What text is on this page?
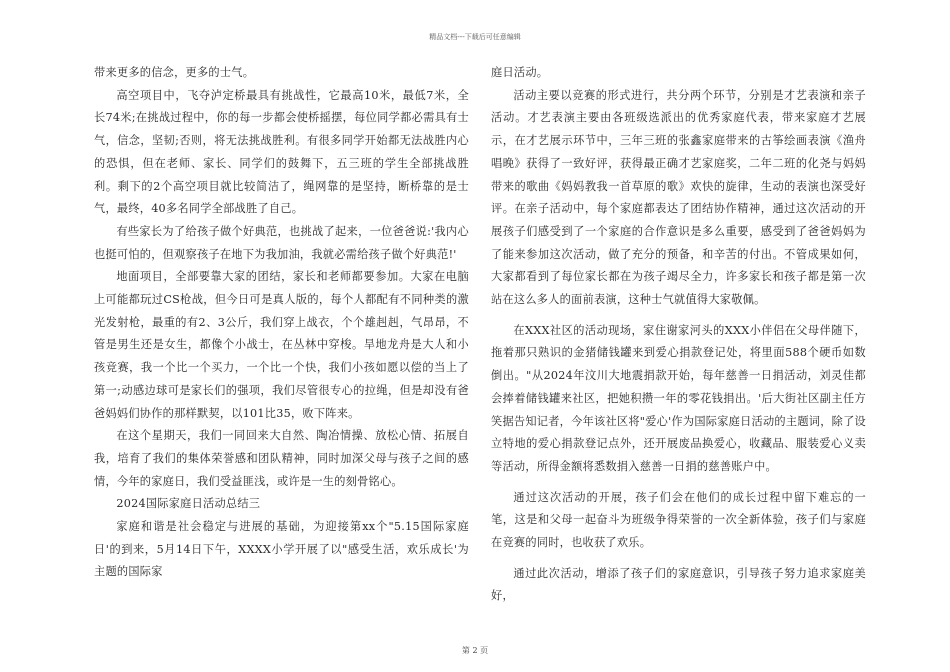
精品文档---下载后可任意编辑

带来更多的信念，更多的士气。

高空项目中，飞夺泸定桥最具有挑战性，它最高10米，最低7米，全长74米;在挑战过程中，你的每一步都会使桥摇摆，每位同学都必需具有士气，信念，坚韧;否则，将无法挑战胜利。有很多同学开始都无法战胜内心的恐惧，但在老师、家长、同学们的鼓舞下，五三班的学生全部挑战胜利。剩下的2个高空项目就比较简洁了，绳网靠的是坚持，断桥靠的是士气，最终，40多名同学全部战胜了自己。

有些家长为了给孩子做个好典范，也挑战了起来，一位爸爸说:'我内心也挺可怕的，但观察孩子在地下为我加油，我就必需给孩子做个好典范!'

地面项目，全部要靠大家的团结，家长和老师都要参加。大家在电脑上可能都玩过CS枪战，但今日可是真人版的，每个人都配有不同种类的激光发射枪，最重的有2、3公斤，我们穿上战衣，个个雄赳赳，气昂昂，不管是男生还是女生，都像个小战士，在丛林中穿梭。旱地龙舟是大人和小孩竞赛，我一个比一个买力，一个比一个快，我们小孩如愿以偿的当上了第一;动感边球可是家长们的强项，我们尽管很专心的拉绳，但是却没有爸爸妈妈们协作的那样默契，以101比35，败下阵来。

在这个星期天，我们一同回来大自然、陶冶情操、放松心情、拓展自我，培育了我们的集体荣誉感和团队精神，同时加深父母与孩子之间的感情，今年的家庭日，我们受益匪浅，或许是一生的刻骨铭心。

2024国际家庭日活动总结三

家庭和谐是社会稳定与进展的基础，为迎接第xx个"5.15国际家庭日'的到来，5月14日下午，XXXX小学开展了以"感受生活，欢乐成长'为主题的国际家

庭日活动。

活动主要以竞赛的形式进行，共分两个环节，分别是才艺表演和亲子活动。才艺表演主要由各班级选派出的优秀家庭代表，带来家庭才艺展示，在才艺展示环节中，三年三班的张鑫家庭带来的古筝绘画表演《渔舟唱晚》获得了一致好评，获得最正确才艺家庭奖，二年二班的化尧与妈妈带来的歌曲《妈妈教我一首草原的歌》欢快的旋律，生动的表演也深受好评。在亲子活动中，每个家庭都表达了团结协作精神，通过这次活动的开展孩子们感受到了一个家庭的合作意识是多么重要，感受到了爸爸妈妈为了能来参加这次活动，做了充分的预备，和辛苦的付出。不管成果如何，大家都看到了每位家长都在为孩子竭尽全力，许多家长和孩子都是第一次站在这么多人的面前表演，这种士气就值得大家敬佩。

在XXX社区的活动现场，家住谢家河头的XXX小伴侣在父母伴随下，拖着那只熟识的金猪储钱罐来到爱心捐款登记处，将里面588个硬币如数倒出。"从2024年汶川大地震捐款开始，每年慈善一日捐活动，刘灵佳都会捧着储钱罐来社区，把她积攒一年的零花钱捐出。'后大街社区副主任方笑据告知记者，今年该社区将"爱心'作为国际家庭日活动的主题词，除了设立特地的爱心捐款登记点外，还开展废品换爱心，收藏品、服装爱心义卖等活动，所得金额将悉数捐入慈善一日捐的慈善账户中。

通过这次活动的开展，孩子们会在他们的成长过程中留下难忘的一笔，这是和父母一起奋斗为班级争得荣誉的一次全新体验，孩子们与家庭在竞赛的同时，也收获了欢乐。

通过此次活动，增添了孩子们的家庭意识，引导孩子努力追求家庭美好，

第 2 页
